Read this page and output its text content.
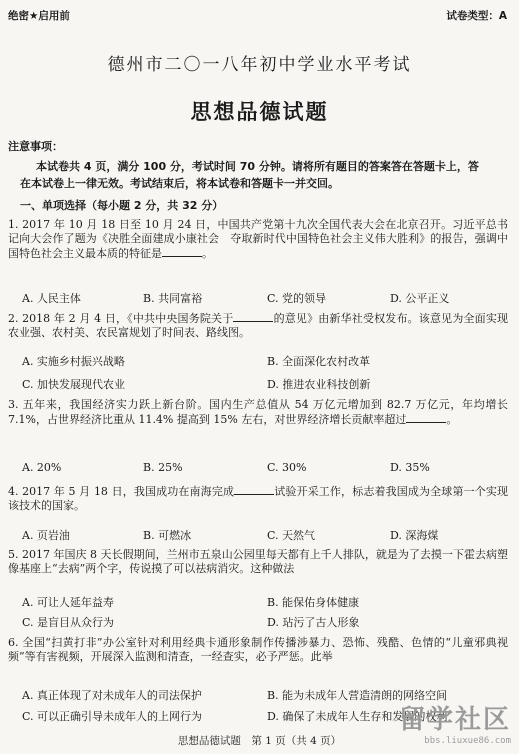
绝密★启用前	试卷类型：A
德州市二〇一八年初中学业水平考试
思想品德试题
注意事项：
本试卷共 4 页，满分 100 分，考试时间 70 分钟。请将所有题目的答案答在答题卡上，答
在本试卷上一律无效。考试结束后，将本试卷和答题卡一并交回。
一、单项选择（每小题 2 分，共 32 分）
1. 2017 年 10 月 18 日至 10 月 24 日，中国共产党第十九次全国代表大会在北京召开。习近平总书记向大会作了题为《决胜全面建成小康社会　夺取新时代中国特色社会主义伟大胜利》的报告，强调中国特色社会主义最本质的特征是	。
A. 人民主体	B. 共同富裕	C. 党的领导	D. 公平正义
2. 2018 年 2 月 4 日，《中共中央国务院关于	的意见》由新华社受权发布。该意见为全面实现农业强、农村美、农民富规划了时间表、路线图。
A. 实施乡村振兴战略	B. 全面深化农村改革
C. 加快发展现代农业	D. 推进农业科技创新
3. 五年来，我国经济实力跃上新台阶。国内生产总值从 54 万亿元增加到 82.7 万亿元，年均增长 7.1%，占世界经济比重从 11.4% 提高到 15% 左右，对世界经济增长贡献率超过	。
A. 20%	B. 25%	C. 30%	D. 35%
4. 2017 年 5 月 18 日，我国成功在南海完成	试验开采工作，标志着我国成为全球第一个实现该技术的国家。
A. 页岩油	B. 可燃冰	C. 天然气	D. 深海煤
5. 2017 年国庆 8 天长假期间，兰州市五泉山公园里每天都有上千人排队，就是为了去摸一下霍去病塑像基座上“去病”两个字，传说摸了可以祛病消灾。这种做法
A. 可让人延年益寿	B. 能保佑身体健康
C. 是盲目从众行为	D. 玷污了古人形象
6. 全国“扫黄打非”办公室针对利用经典卡通形象制作传播涉暴力、恐怖、残酷、色情的“儿童邪典视频”等有害视频，开展深入监测和清查，一经查实，必予严惩。此举
A. 真正体现了对未成年人的司法保护	B. 能为未成年人营造清朗的网络空间
C. 可以正确引导未成年人的上网行为	D. 确保了未成年人生存和发展的权利
思想品德试题　第 1 页（共 4 页）
留学社区
bbs.liuxue86.com
